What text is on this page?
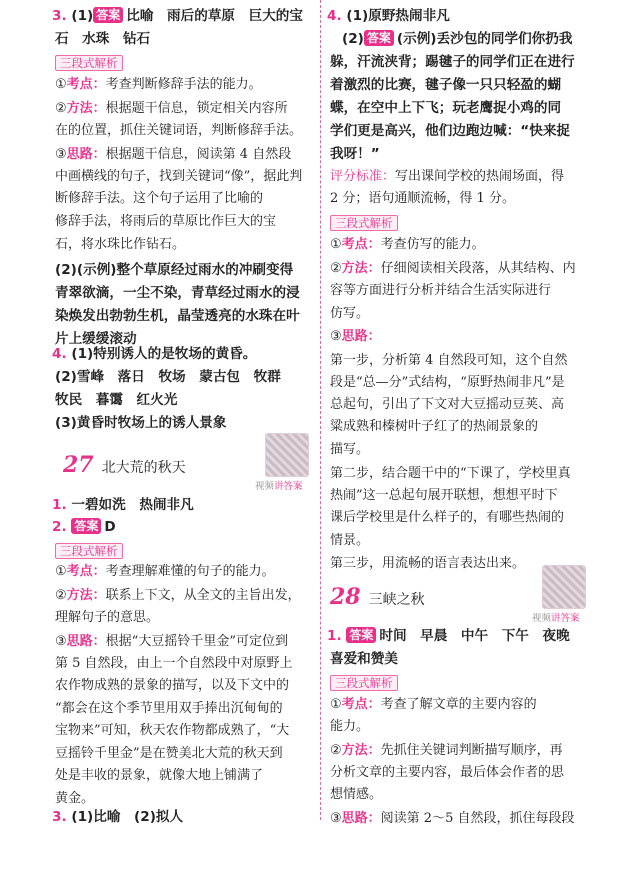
3. (1) 答案 比喻　雨后的草原　巨大的宝
石　水珠　钻石
三段式解析
①考点：考查判断修辞手法的能力。
②方法：根据题干信息，锁定相关内容所
在的位置，抓住关键词语，判断修辞手法。
③思路：根据题干信息，阅读第 4 自然段
中画横线的句子，找到关键词“像”，据此判
断修辞手法。这个句子运用了比喻的
修辞手法，将雨后的草原比作巨大的宝
石，将水珠比作钻石。
(2)(示例)整个草原经过雨水的冲刷变得
青翠欲滴，一尘不染，青草经过雨水的浸
染焕发出勃勃生机，晶莹透亮的水珠在叶
片上缓缓滚动
4. (1)特别诱人的是牧场的黄昏。
(2)雪峰　落日　牧场　蒙古包　牧群
牧民　暮霭　红火光
(3)黄昏时牧场上的诱人景象
27 北大荒的秋天
视频讲答案
1. 一碧如洗　热闹非凡
2. 答案 D
三段式解析
①考点：考查理解难懂的句子的能力。
②方法：联系上下文，从全文的主旨出发，
理解句子的意思。
③思路：根据“大豆摇铃千里金”可定位到
第 5 自然段，由上一个自然段中对原野上
农作物成熟的景象的描写，以及下文中的
“都会在这个季节里用双手捧出沉甸甸的
宝物来”可知，秋天农作物都成熟了，“大
豆摇铃千里金”是在赞美北大荒的秋天到
处是丰收的景象，就像大地上铺满了
黄金。
3. (1)比喻　(2)拟人
4. (1)原野热闹非凡
(2) 答案 (示例)丢沙包的同学们你扔我
躲，汗流浃背；踢毽子的同学们正在进行
着激烈的比赛，毽子像一只只轻盈的蝴
蝶，在空中上下飞；玩老鹰捉小鸡的同
学们更是高兴，他们边跑边喊：“快来捉
我呀！”
评分标准：写出课间学校的热闹场面，得
2 分；语句通顺流畅，得 1 分。
三段式解析
①考点：考查仿写的能力。
②方法：仔细阅读相关段落，从其结构、内
容等方面进行分析并结合生活实际进行
仿写。
③思路：
第一步，分析第 4 自然段可知，这个自然
段是“总—分”式结构，“原野热闹非凡”是
总起句，引出了下文对大豆摇动豆荚、高
粱成熟和榛树叶子红了的热闹景象的
描写。
第二步，结合题干中的“下课了，学校里真
热闹”这一总起句展开联想，想想平时下
课后学校里是什么样子的，有哪些热闹的
情景。
第三步，用流畅的语言表达出来。
28 三峡之秋
视频讲答案
1. 答案 时间　早晨　中午　下午　夜晚
喜爱和赞美
三段式解析
①考点：考查了解文章的主要内容的
能力。
②方法：先抓住关键词判断描写顺序，再
分析文章的主要内容，最后体会作者的思
想情感。
③思路：阅读第 2～5 自然段，抓住每段段
